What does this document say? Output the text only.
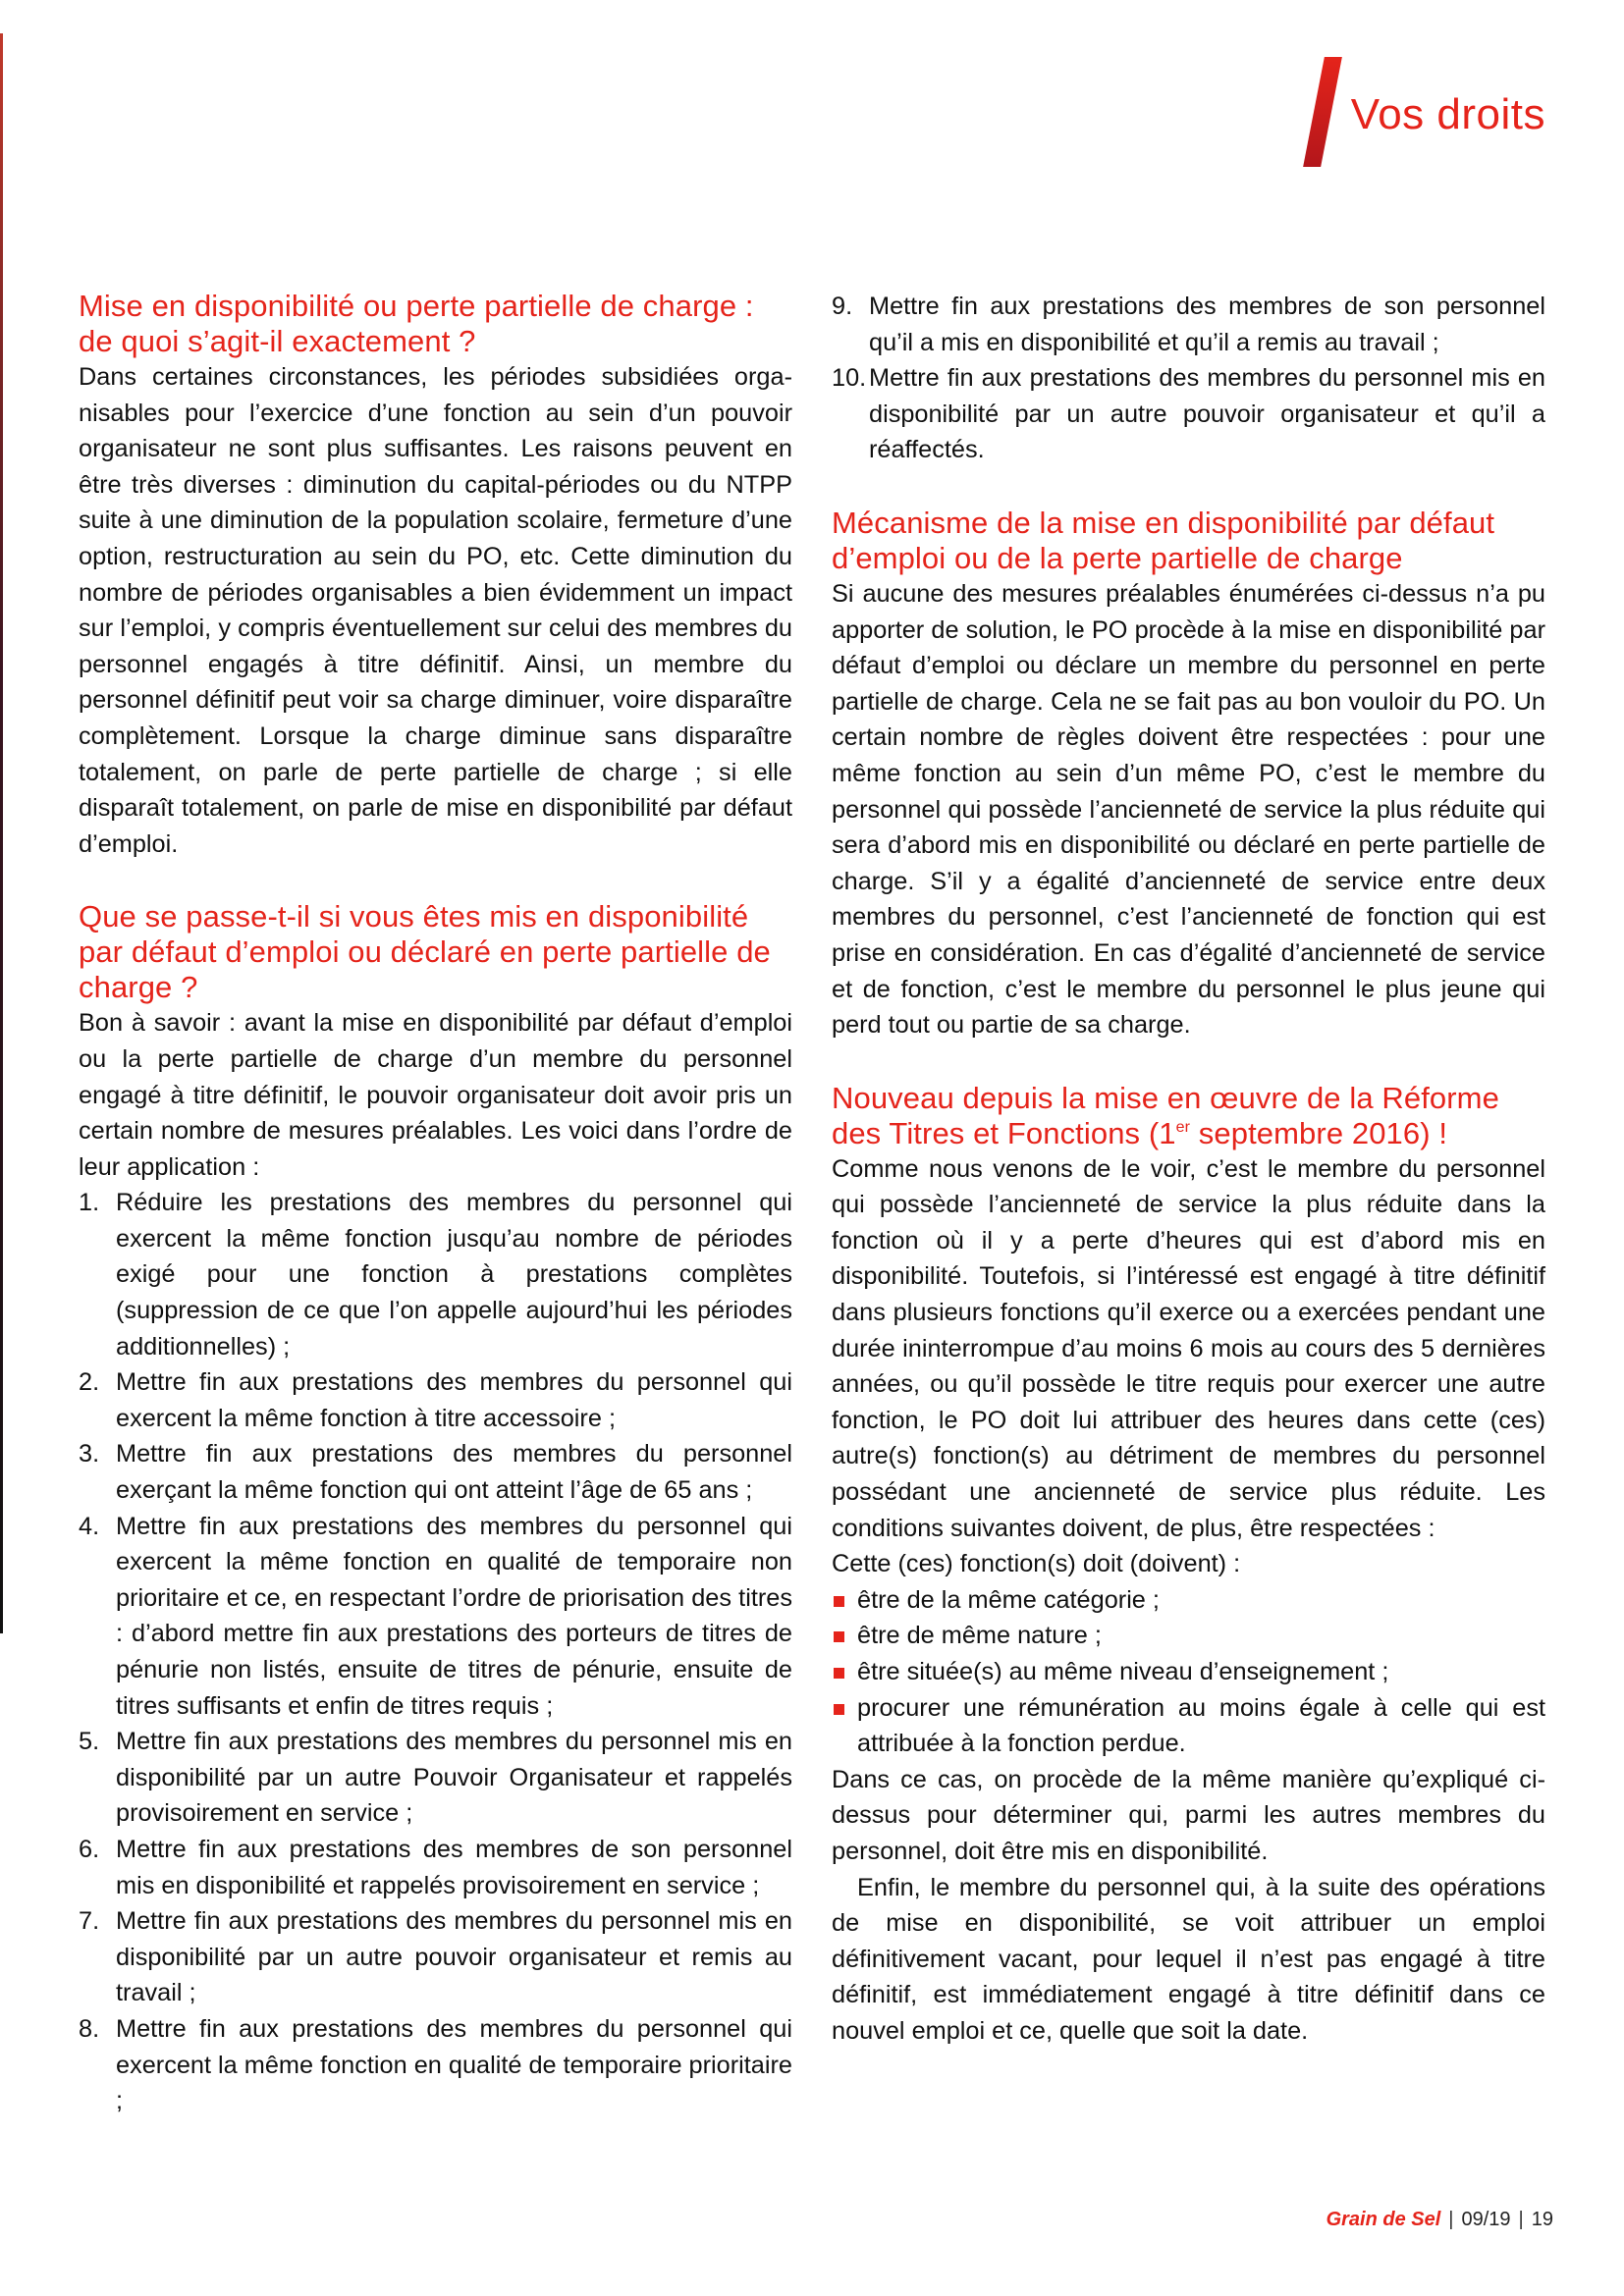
Vos droits
Mise en disponibilité ou perte partielle de charge : de quoi s’agit-il exactement ?

Dans certaines circonstances, les périodes subsidiées organisables pour l’exercice d’une fonction au sein d’un pouvoir organisateur ne sont plus suffisantes. Les raisons peuvent en être très diverses : diminution du capital-périodes ou du NTPP suite à une diminution de la population scolaire, fermeture d’une option, restructuration au sein du PO, etc. Cette diminution du nombre de périodes organisables a bien évidemment un impact sur l’emploi, y compris éventuellement sur celui des membres du personnel engagés à titre définitif. Ainsi, un membre du personnel définitif peut voir sa charge diminuer, voire disparaître complètement. Lorsque la charge diminue sans disparaître totalement, on parle de perte partielle de charge ; si elle disparaît totalement, on parle de mise en disponibilité par défaut d’emploi.

Que se passe-t-il si vous êtes mis en disponibilité par défaut d’emploi ou déclaré en perte partielle de charge ?

Bon à savoir : avant la mise en disponibilité par défaut d’emploi ou la perte partielle de charge d’un membre du personnel engagé à titre définitif, le pouvoir organisateur doit avoir pris un certain nombre de mesures préalables. Les voici dans l’ordre de leur application :

1. Réduire les prestations des membres du personnel qui exercent la même fonction jusqu’au nombre de périodes exigé pour une fonction à prestations complètes (suppression de ce que l’on appelle aujourd’hui les périodes additionnelles) ;
2. Mettre fin aux prestations des membres du personnel qui exercent la même fonction à titre accessoire ;
3. Mettre fin aux prestations des membres du personnel exerçant la même fonction qui ont atteint l’âge de 65 ans ;
4. Mettre fin aux prestations des membres du personnel qui exercent la même fonction en qualité de temporaire non prioritaire et ce, en respectant l’ordre de priorisation des titres : d’abord mettre fin aux prestations des porteurs de titres de pénurie non listés, ensuite de titres de pénurie, ensuite de titres suffisants et enfin de titres requis ;
5. Mettre fin aux prestations des membres du personnel mis en disponibilité par un autre Pouvoir Organisateur et rappelés provisoirement en service ;
6. Mettre fin aux prestations des membres de son personnel mis en disponibilité et rappelés provisoirement en service ;
7. Mettre fin aux prestations des membres du personnel mis en disponibilité par un autre pouvoir organisateur et remis au travail ;
8. Mettre fin aux prestations des membres du personnel qui exercent la même fonction en qualité de temporaire prioritaire ;
9. Mettre fin aux prestations des membres de son personnel qu’il a mis en disponibilité et qu’il a remis au travail ;
10. Mettre fin aux prestations des membres du personnel mis en disponibilité par un autre pouvoir organisateur et qu’il a réaffectés.
Mécanisme de la mise en disponibilité par défaut d’emploi ou de la perte partielle de charge

Si aucune des mesures préalables énumérées ci-dessus n’a pu apporter de solution, le PO procède à la mise en disponibilité par défaut d’emploi ou déclare un membre du personnel en perte partielle de charge. Cela ne se fait pas au bon vouloir du PO. Un certain nombre de règles doivent être respectées : pour une même fonction au sein d’un même PO, c’est le membre du personnel qui possède l’ancienneté de service la plus réduite qui sera d’abord mis en disponibilité ou déclaré en perte partielle de charge. S’il y a égalité d’ancienneté de service entre deux membres du personnel, c’est l’ancienneté de fonction qui est prise en considération. En cas d’égalité d’ancienneté de service et de fonction, c’est le membre du personnel le plus jeune qui perd tout ou partie de sa charge.

Nouveau depuis la mise en œuvre de la Réforme des Titres et Fonctions (1er septembre 2016) !

Comme nous venons de le voir, c’est le membre du personnel qui possède l’ancienneté de service la plus réduite dans la fonction où il y a perte d’heures qui est d’abord mis en disponibilité. Toutefois, si l’intéressé est engagé à titre définitif dans plusieurs fonctions qu’il exerce ou a exercées pendant une durée ininterrompue d’au moins 6 mois au cours des 5 dernières années, ou qu’il possède le titre requis pour exercer une autre fonction, le PO doit lui attribuer des heures dans cette (ces) autre(s) fonction(s) au détriment de membres du personnel possédant une ancienneté de service plus réduite. Les conditions suivantes doivent, de plus, être respectées :

Cette (ces) fonction(s) doit (doivent) :

être de la même catégorie ;
être de même nature ;
être située(s) au même niveau d’enseignement ;
procurer une rémunération au moins égale à celle qui est attribuée à la fonction perdue.

Dans ce cas, on procède de la même manière qu’expliqué ci-dessus pour déterminer qui, parmi les autres membres du personnel, doit être mis en disponibilité.

Enfin, le membre du personnel qui, à la suite des opérations de mise en disponibilité, se voit attribuer un emploi définitivement vacant, pour lequel il n’est pas engagé à titre définitif, est immédiatement engagé à titre définitif dans ce nouvel emploi et ce, quelle que soit la date.

Grain de Sel | 09/19 | 19
